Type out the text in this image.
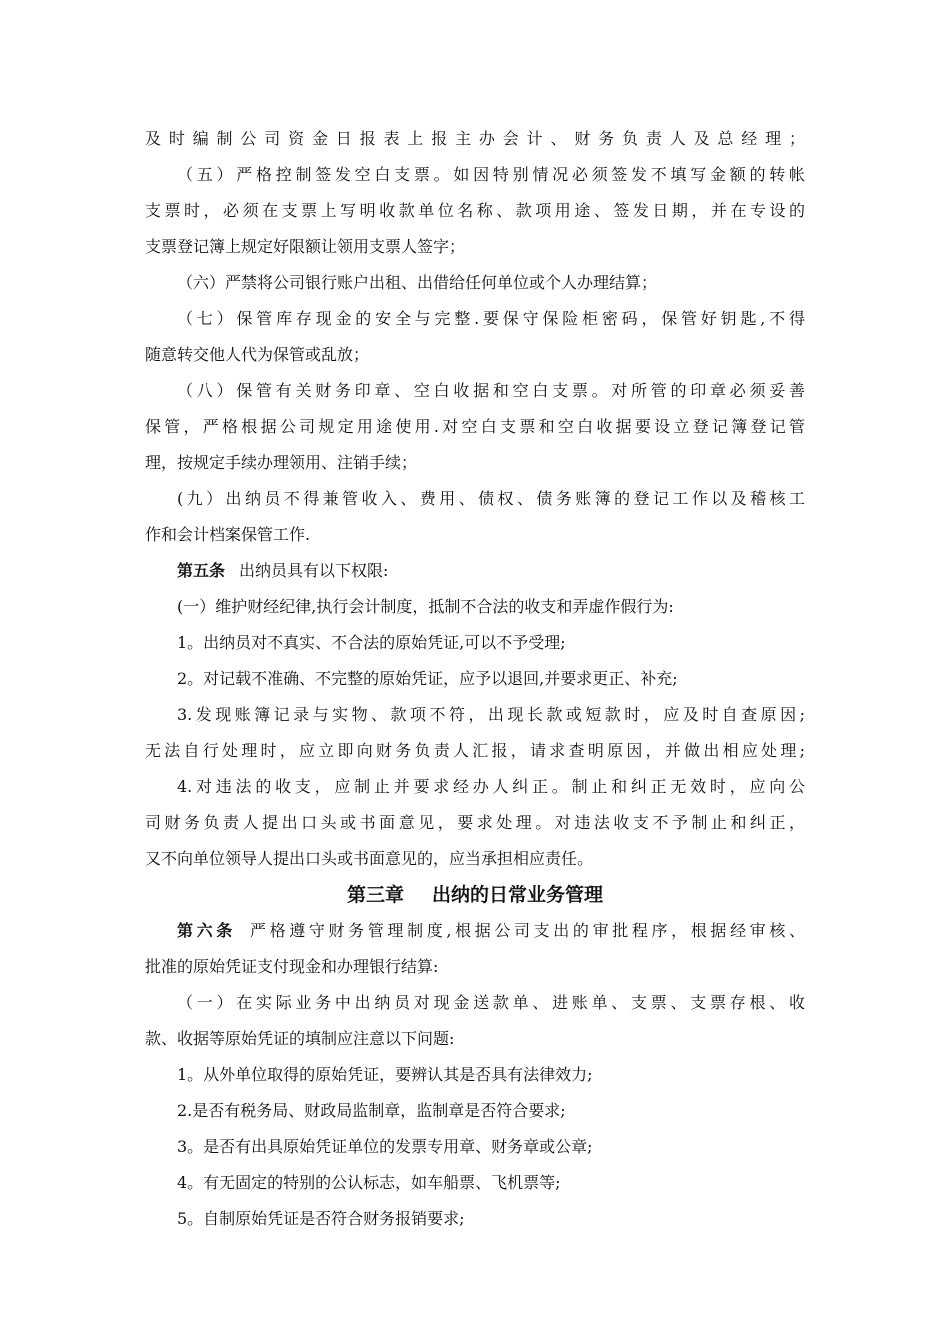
及时编制公司资金日报表上报主办会计、财务负责人及总经理；
（五）严格控制签发空白支票。如因特别情况必须签发不填写金额的转帐
支票时，必须在支票上写明收款单位名称、款项用途、签发日期，并在专设的
支票登记簿上规定好限额让领用支票人签字；
（六）严禁将公司银行账户出租、出借给任何单位或个人办理结算；
（七）保管库存现金的安全与完整.要保守保险柜密码，保管好钥匙,不得
随意转交他人代为保管或乱放；
（八）保管有关财务印章、空白收据和空白支票。对所管的印章必须妥善
保管，严格根据公司规定用途使用.对空白支票和空白收据要设立登记簿登记管
理，按规定手续办理领用、注销手续；
(九）出纳员不得兼管收入、费用、债权、债务账簿的登记工作以及稽核工
作和会计档案保管工作.
第五条 出纳员具有以下权限:
(一）维护财经纪律,执行会计制度，抵制不合法的收支和弄虚作假行为:
1。出纳员对不真实、不合法的原始凭证,可以不予受理;
2。对记载不准确、不完整的原始凭证，应予以退回,并要求更正、补充;
3.发现账簿记录与实物、款项不符，出现长款或短款时，应及时自查原因;
无法自行处理时，应立即向财务负责人汇报，请求查明原因，并做出相应处理;
4.对违法的收支，应制止并要求经办人纠正。制止和纠正无效时，应向公
司财务负责人提出口头或书面意见，要求处理。对违法收支不予制止和纠正，
又不向单位领导人提出口头或书面意见的，应当承担相应责任。
第三章 出纳的日常业务管理
第六条 严格遵守财务管理制度,根据公司支出的审批程序，根据经审核、
批准的原始凭证支付现金和办理银行结算:
（一）在实际业务中出纳员对现金送款单、进账单、支票、支票存根、收
款、收据等原始凭证的填制应注意以下问题:
1。从外单位取得的原始凭证，要辨认其是否具有法律效力;
2.是否有税务局、财政局监制章，监制章是否符合要求;
3。是否有出具原始凭证单位的发票专用章、财务章或公章;
4。有无固定的特别的公认标志，如车船票、飞机票等;
5。自制原始凭证是否符合财务报销要求;
